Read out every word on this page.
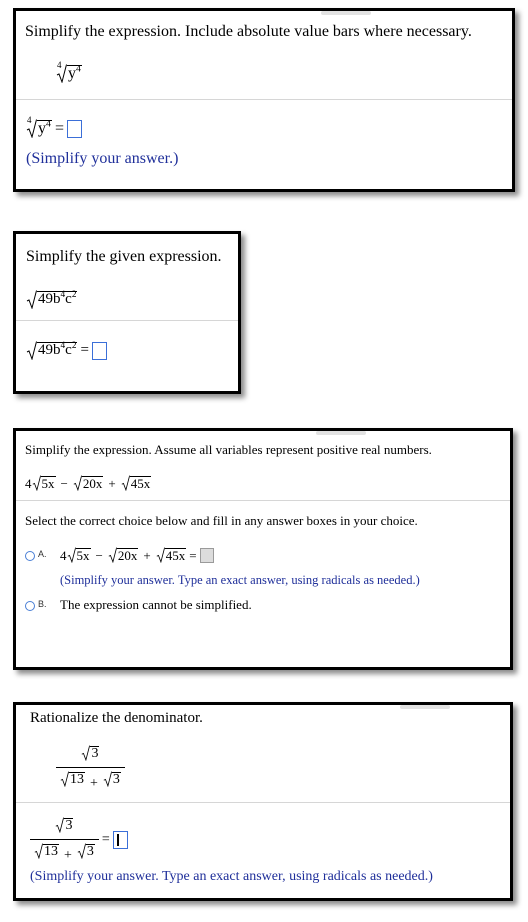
Simplify the expression. Include absolute value bars where necessary.
4 $y^4$
4 $y^4$ =
(Simplify your answer.)
Simplify the given expression.
$49b^4c^2$
$49b^4c^2$ =
Simplify the expression. Assume all variables represent positive real numbers.
4 5x − 20x + 45x
Select the correct choice below and fill in any answer boxes in your choice.
A. 4 5x − 20x + 45x =
(Simplify your answer. Type an exact answer, using radicals as needed.)
B. The expression cannot be simplified.
Rationalize the denominator.
$\frac{3}{13 + 3}$
$\frac{3}{13 + 3}$ =
(Simplify your answer. Type an exact answer, using radicals as needed.)
